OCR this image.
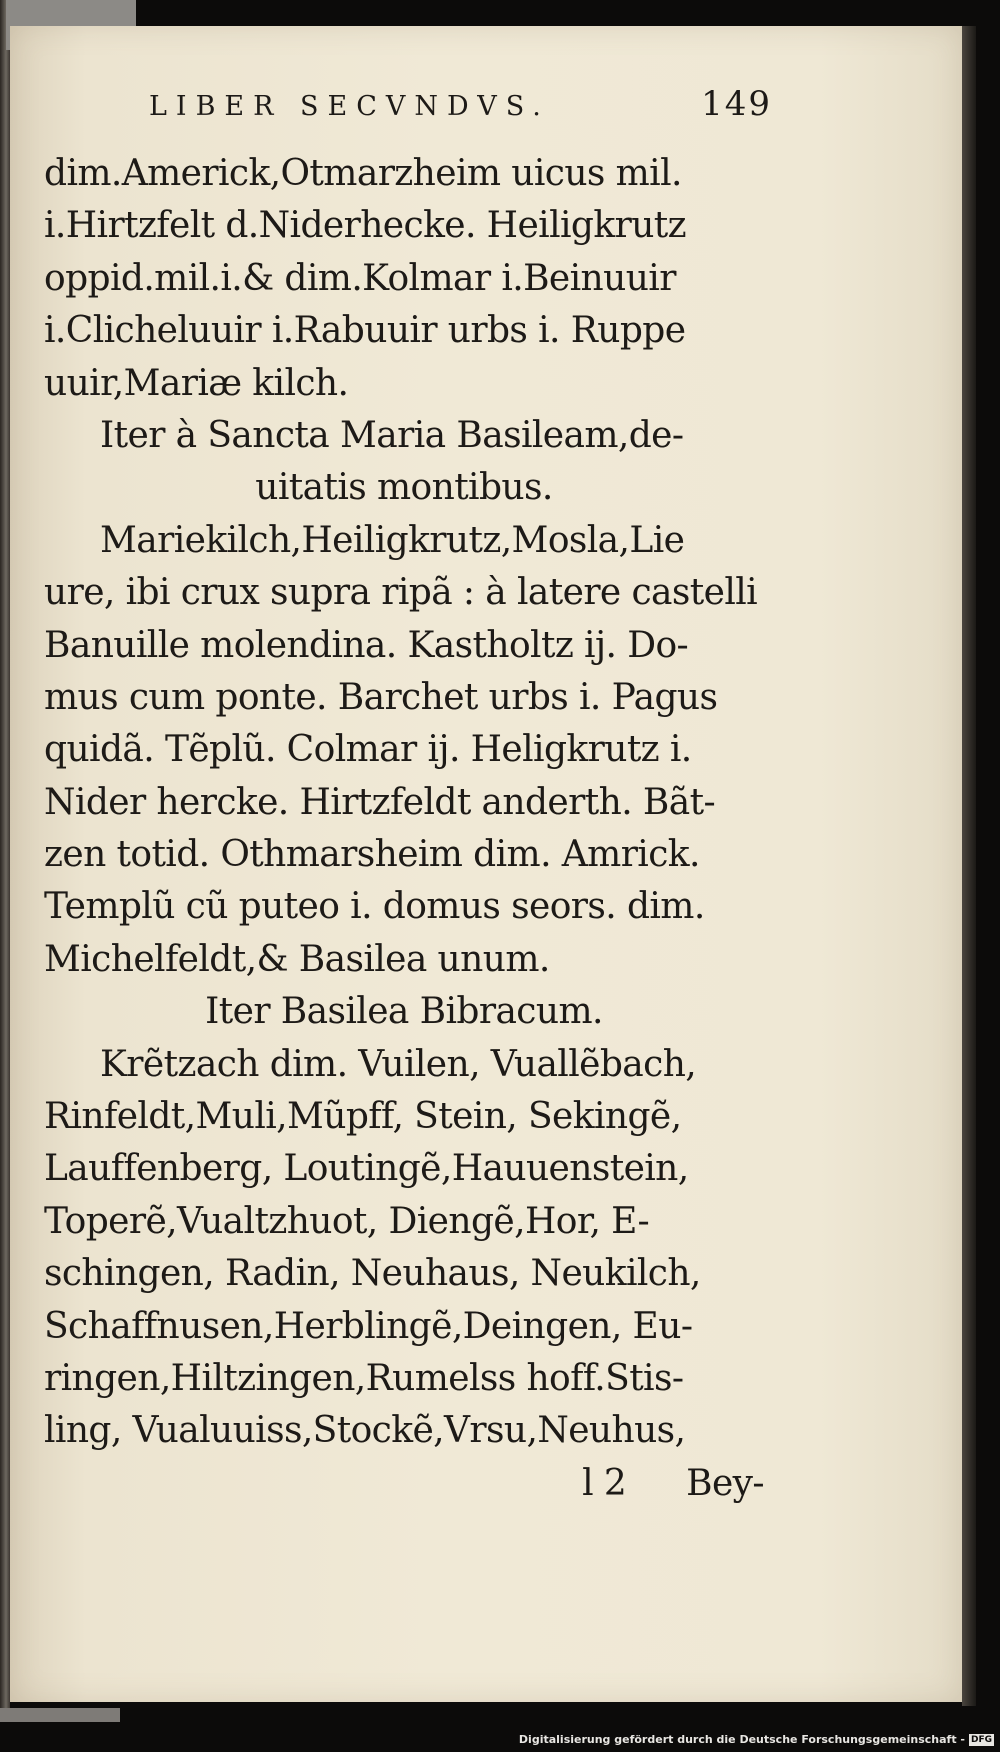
LIBER SECVNDVS.	149
dim.Americk,Otmarzheim uicus mil.
i.Hirtzfelt d.Niderhecke. Heiligkrutz
oppid.mil.i.& dim.Kolmar i.Beinuuir
i.Clicheluuir i.Rabuuir urbs i. Ruppe
uuir,Mariæ kilch.
Iter à Sancta Maria Basileam,de-
uitatis montibus.
Mariekilch,Heiligkrutz,Mosla,Lie
ure, ibi crux supra ripã : à latere castelli
Banuille molendina. Kastholtz ij. Do-
mus cum ponte. Barchet urbs i. Pagus
quidã. Tẽplũ. Colmar ij. Heligkrutz i.
Nider hercke. Hirtzfeldt anderth. Bãt-
zen totid. Othmarsheim dim. Amrick.
Templũ cũ puteo i. domus seors. dim.
Michelfeldt,& Basilea unum.
Iter Basilea Bibracum.
Krẽtzach dim. Vuilen, Vuallẽbach,
Rinfeldt,Muli,Mũpff, Stein, Sekingẽ,
Lauffenberg, Loutingẽ,Hauuenstein,
Toperẽ,Vualtzhuot, Diengẽ,Hor, E-
schingen, Radin, Neuhaus, Neukilch,
Schaffnusen,Herblingẽ,Deingen, Eu-
ringen,Hiltzingen,Rumelss hoff.Stis-
ling, Vualuuiss,Stockẽ,Vrsu,Neuhus,
l 2 Bey-
Digitalisierung gefördert durch die Deutsche Forschungsgemeinschaft - DFG
